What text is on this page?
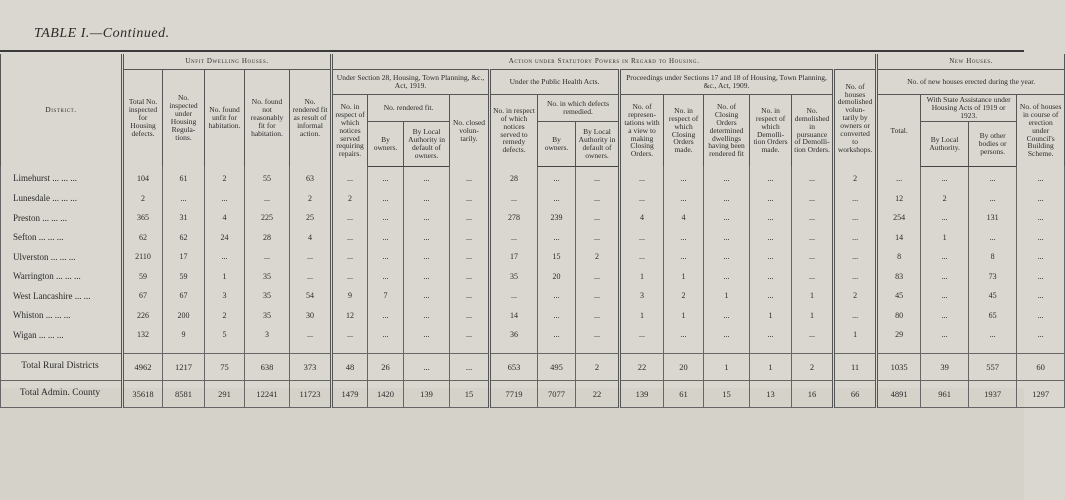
TABLE I.—Continued.
District.	Unfit Dwelling Houses.					Action under Statutory Powers in Regard to Housing.													New Houses.			
	Total No. inspected for Housing defects.	No. inspected under Housing Regula- tions.	No. found unfit for habitation.	No. found not reasonably fit for habitation.	No. rendered fit as result of informal action.	Under Section 28, Housing, Town Planning, &c., Act, 1919.				Under the Public Health Acts.			Proceedings under Sections 17 and 18 of Housing, Town Planning, &c., Act, 1909.					No. of houses demolished volun- tarily by owners or converted to workshops.	No. of new houses erected during the year.			
						No. in respect of which notices served requiring repairs.	No. rendered fit.		No. closed volun- tarily.	No. in respect of which notices served to remedy defects.	No. in which defects remedied.		No. of represen- tations with a view to making Closing Orders.	No. in respect of which Closing Orders made.	No. of Closing Orders determined dwellings having been rendered fit	No. in respect of which Demolli- tion Orders made.	No. demolished in pursuance of Demolli- tion Orders.		Total.	With State Assistance under Housing Acts of 1919 or 1923.		No. of houses in course of erection under Council's Building Scheme.
							By owners.	By Local Authority in default of owners.			By owners.	By Local Authority in default of owners.								By Local Authority.	By other bodies or persons.	
Limehurst ... ... ...	104	61	2	55	63	...	...	...	...	28	...	...	...	...	...	...	...	2	...	...	...	...
Lunesdale ... ... ...	2	...	...	...	2	2	...	...	...	...	...	...	...	...	...	...	...	...	12	2	...	...
Preston ... ... ...	365	31	4	225	25	...	...	...	...	278	239	...	4	4	...	...	...	...	254	...	131	...
Sefton ... ... ...	62	62	24	28	4	...	...	...	...	...	...	...	...	...	...	...	...	...	14	1	...	...
Ulverston ... ... ...	2110	17	...	...	...	...	...	...	...	17	15	2	...	...	...	...	...	...	8	...	8	...
Warrington ... ... ...	59	59	1	35	...	...	...	...	...	35	20	...	1	1	...	...	...	...	83	...	73	...
West Lancashire ... ...	67	67	3	35	54	9	7	...	...	...	...	...	3	2	1	...	1	2	45	...	45	...
Whiston ... ... ...	226	200	2	35	30	12	...	...	...	14	...	...	1	1	...	1	1	...	80	...	65	...
Wigan ... ... ...	132	9	5	3	...	...	...	...	...	36	...	...	...	...	...	...	...	1	29	...	...	...

Total Rural Districts	4962	1217	75	638	373	48	26	...	...	653	495	2	22	20	1	1	2	11	1035	39	557	60
Total Admin. County	35618	8581	291	12241	11723	1479	1420	139	15	7719	7077	22	139	61	15	13	16	66	4891	961	1937	1297
